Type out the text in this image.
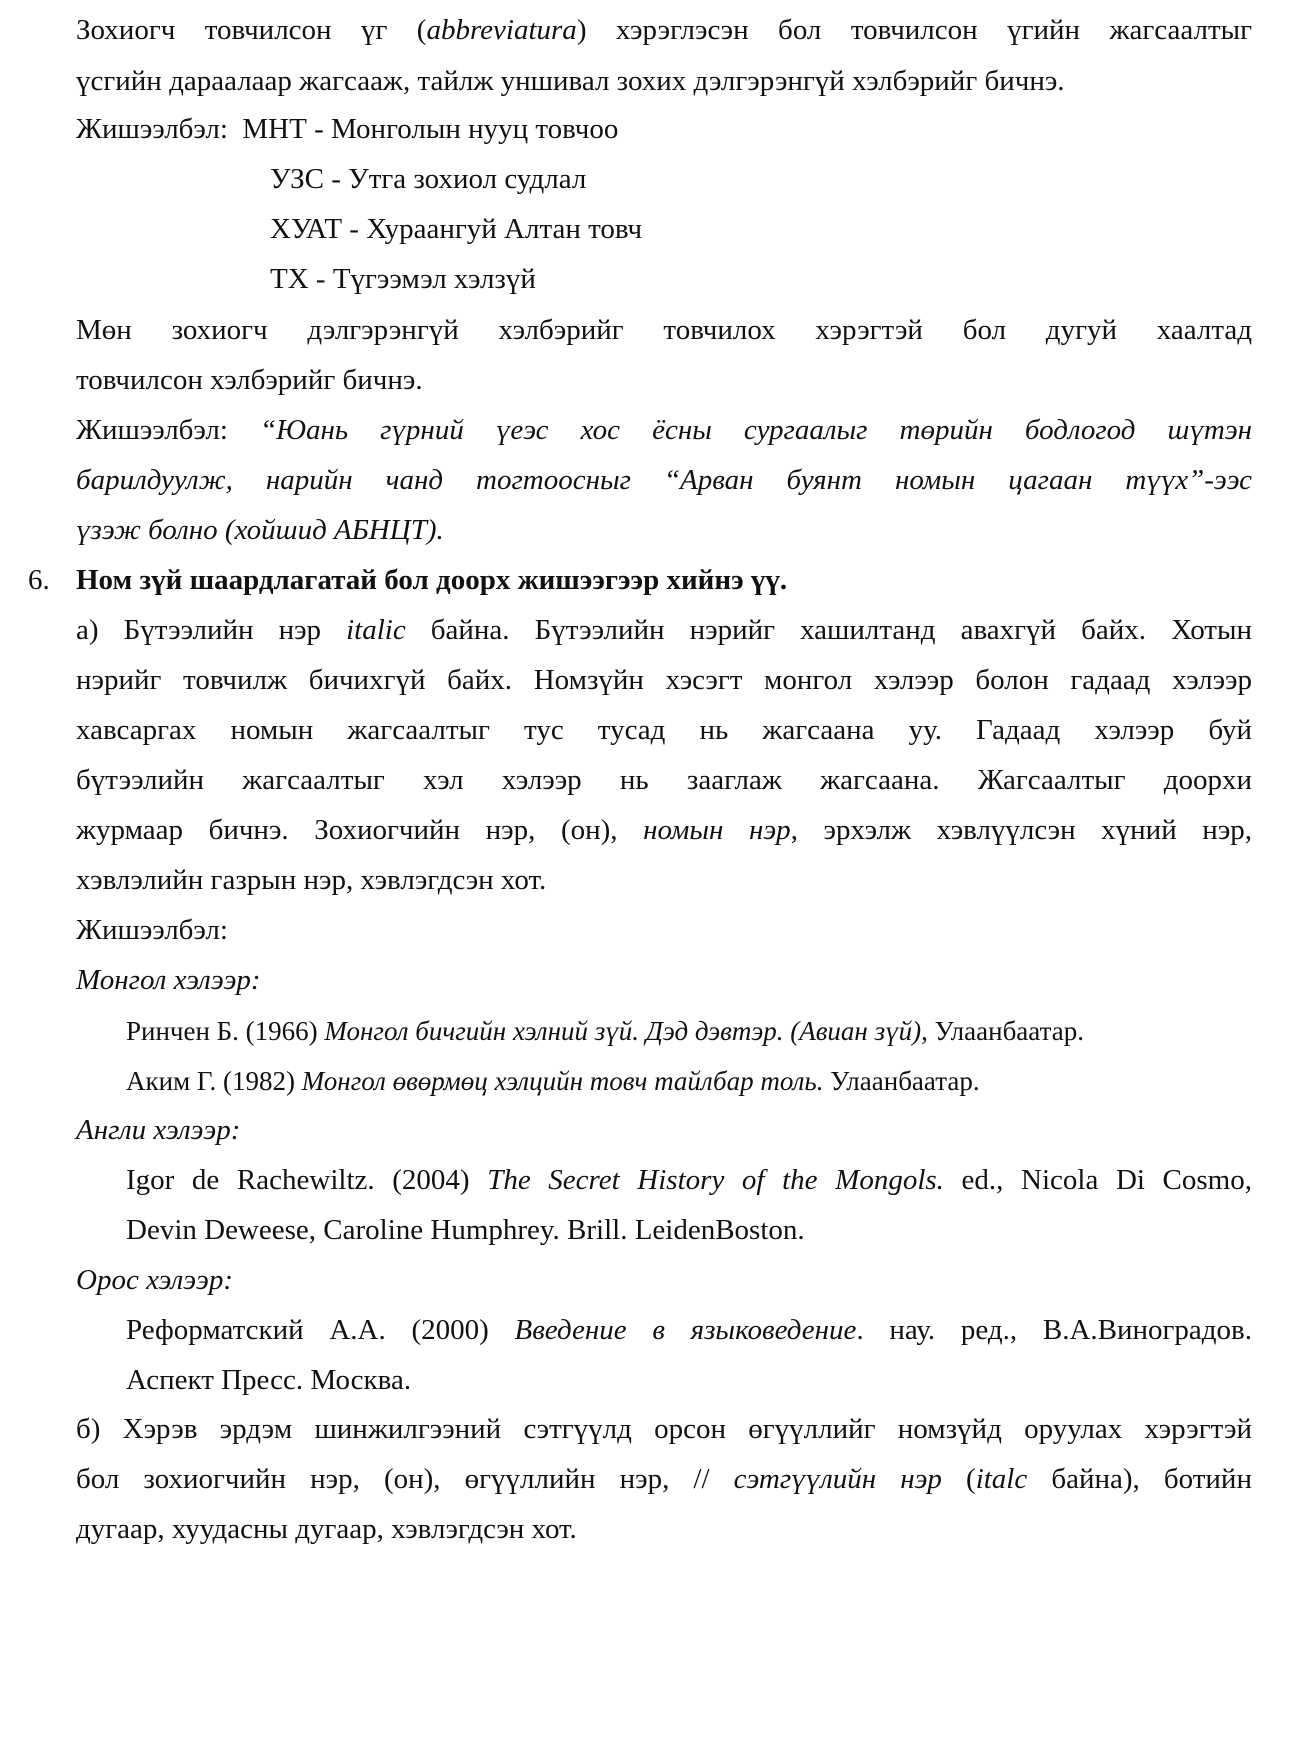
Зохиогч товчилсон үг (abbreviatura) хэрэглэсэн бол товчилсон үгийн жагсаалтыг
үсгийн дараалаар жагсааж, тайлж уншивал зохих дэлгэрэнгүй хэлбэрийг бичнэ.
Жишээлбэл: МНТ - Монголын нууц товчоо
УЗС - Утга зохиол судлал
ХУАТ - Хураангуй Алтан товч
ТХ - Түгээмэл хэлзүй
Мөн зохиогч дэлгэрэнгүй хэлбэрийг товчилох хэрэгтэй бол дугуй хаалтад
товчилсон хэлбэрийг бичнэ.
Жишээлбэл: “Юань гүрний үеэс хос ёсны сургаалыг төрийн бодлогод шүтэн
барилдуулж, нарийн чанд тогтоосныг “Арван буянт номын цагаан түүх”-ээс
үзэж болно (хойшид АБНЦТ).
6. Ном зүй шаардлагатай бол доорх жишээгээр хийнэ үү.
а) Бүтээлийн нэр italic байна. Бүтээлийн нэрийг хашилтанд авахгүй байх. Хотын
нэрийг товчилж бичихгүй байх. Номзүйн хэсэгт монгол хэлээр болон гадаад хэлээр
хавсаргах номын жагсаалтыг тус тусад нь жагсаана уу. Гадаад хэлээр буй
бүтээлийн жагсаалтыг хэл хэлээр нь зааглаж жагсаана. Жагсаалтыг доорхи
журмаар бичнэ. Зохиогчийн нэр, (он), номын нэр, эрхэлж хэвлүүлсэн хүний нэр,
хэвлэлийн газрын нэр, хэвлэгдсэн хот.
Жишээлбэл:
Монгол хэлээр:
Ринчен Б. (1966) Монгол бичгийн хэлний зүй. Дэд дэвтэр. (Авиан зүй), Улаанбаатар.
Аким Г. (1982) Монгол өвөрмөц хэлцийн товч тайлбар толь. Улаанбаатар.
Англи хэлээр:
Igor de Rachewiltz. (2004) The Secret History of the Mongols. ed., Nicola Di Cosmo,
Devin Deweese, Caroline Humphrey. Brill. LeidenBoston.
Орос хэлээр:
Реформатский А.А. (2000) Введение в языковедение. нау. ред., В.А.Виноградов.
Аспект Пресс. Москва.
б) Хэрэв эрдэм шинжилгээний сэтгүүлд орсон өгүүллийг номзүйд оруулах хэрэгтэй
бол зохиогчийн нэр, (он), өгүүллийн нэр, // сэтгүүлийн нэр (italc байна), ботийн
дугаар, хуудасны дугаар, хэвлэгдсэн хот.
